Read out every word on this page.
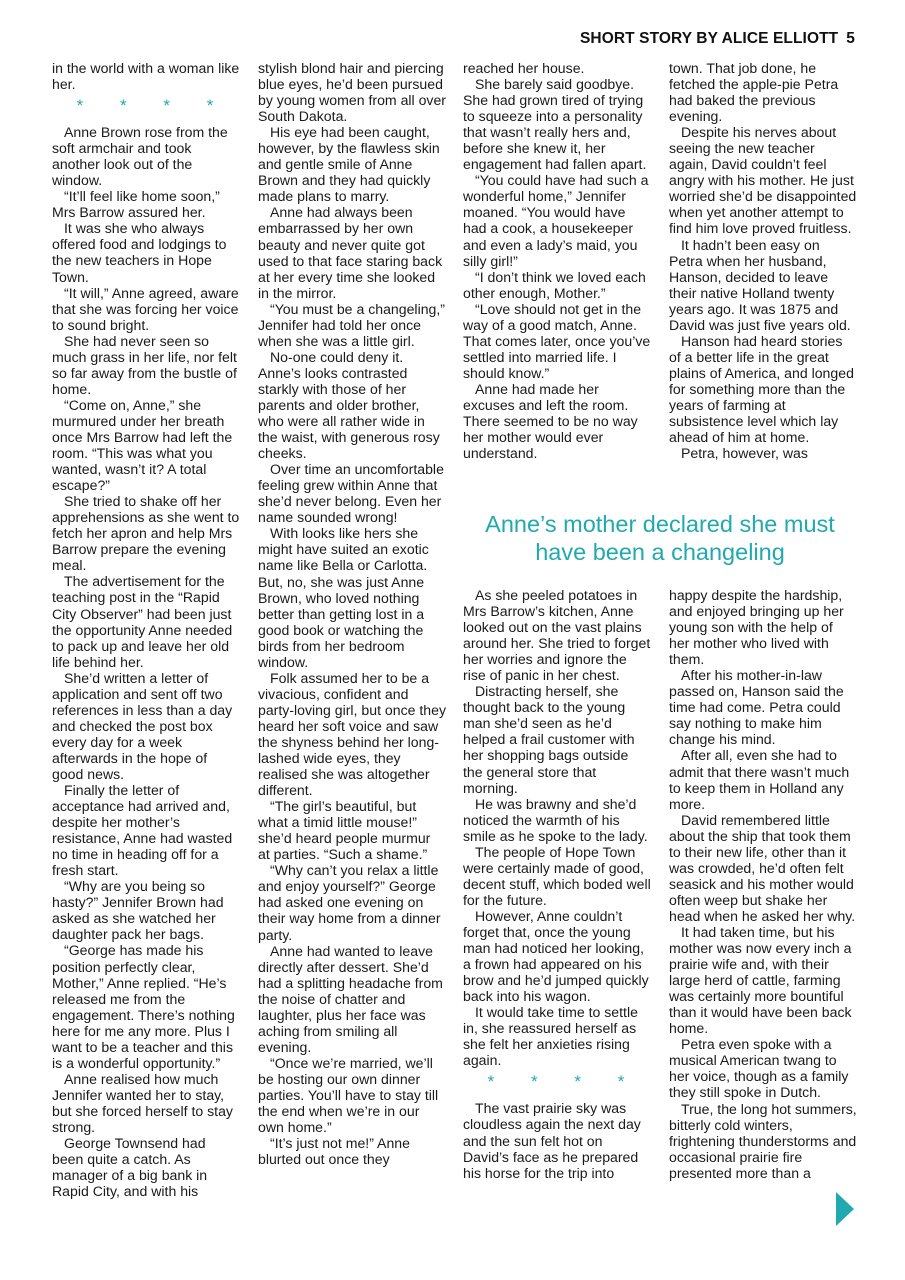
SHORT STORY BY ALICE ELLIOTT 5

in the world with a woman like her.

* * * *

Anne Brown rose from the soft armchair and took another look out of the window.

“It’ll feel like home soon,” Mrs Barrow assured her.

It was she who always offered food and lodgings to the new teachers in Hope Town.

“It will,” Anne agreed, aware that she was forcing her voice to sound bright.

She had never seen so much grass in her life, nor felt so far away from the bustle of home.

“Come on, Anne,” she murmured under her breath once Mrs Barrow had left the room. “This was what you wanted, wasn’t it? A total escape?”

She tried to shake off her apprehensions as she went to fetch her apron and help Mrs Barrow prepare the evening meal.

The advertisement for the teaching post in the “Rapid City Observer” had been just the opportunity Anne needed to pack up and leave her old life behind her.

She’d written a letter of application and sent off two references in less than a day and checked the post box every day for a week afterwards in the hope of good news.

Finally the letter of acceptance had arrived and, despite her mother’s resistance, Anne had wasted no time in heading off for a fresh start.

“Why are you being so hasty?” Jennifer Brown had asked as she watched her daughter pack her bags.

“George has made his position perfectly clear, Mother,” Anne replied. “He’s released me from the engagement. There’s nothing here for me any more. Plus I want to be a teacher and this is a wonderful opportunity.”

Anne realised how much Jennifer wanted her to stay, but she forced herself to stay strong.

George Townsend had been quite a catch. As manager of a big bank in Rapid City, and with his

stylish blond hair and piercing blue eyes, he’d been pursued by young women from all over South Dakota.

His eye had been caught, however, by the flawless skin and gentle smile of Anne Brown and they had quickly made plans to marry.

Anne had always been embarrassed by her own beauty and never quite got used to that face staring back at her every time she looked in the mirror.

“You must be a changeling,” Jennifer had told her once when she was a little girl.

No-one could deny it. Anne’s looks contrasted starkly with those of her parents and older brother, who were all rather wide in the waist, with generous rosy cheeks.

Over time an uncomfortable feeling grew within Anne that she’d never belong. Even her name sounded wrong!

With looks like hers she might have suited an exotic name like Bella or Carlotta. But, no, she was just Anne Brown, who loved nothing better than getting lost in a good book or watching the birds from her bedroom window.

Folk assumed her to be a vivacious, confident and party-loving girl, but once they heard her soft voice and saw the shyness behind her long-lashed wide eyes, they realised she was altogether different.

“The girl’s beautiful, but what a timid little mouse!” she’d heard people murmur at parties. “Such a shame.”

“Why can’t you relax a little and enjoy yourself?” George had asked one evening on their way home from a dinner party.

Anne had wanted to leave directly after dessert. She’d had a splitting headache from the noise of chatter and laughter, plus her face was aching from smiling all evening.

“Once we’re married, we’ll be hosting our own dinner parties. You’ll have to stay till the end when we’re in our own home.”

“It’s just not me!” Anne blurted out once they

reached her house.

She barely said goodbye. She had grown tired of trying to squeeze into a personality that wasn’t really hers and, before she knew it, her engagement had fallen apart.

“You could have had such a wonderful home,” Jennifer moaned. “You would have had a cook, a housekeeper and even a lady’s maid, you silly girl!”

“I don’t think we loved each other enough, Mother.”

“Love should not get in the way of a good match, Anne. That comes later, once you’ve settled into married life. I should know.”

Anne had made her excuses and left the room. There seemed to be no way her mother would ever understand.

town. That job done, he fetched the apple-pie Petra had baked the previous evening.

Despite his nerves about seeing the new teacher again, David couldn’t feel angry with his mother. He just worried she’d be disappointed when yet another attempt to find him love proved fruitless.

It hadn’t been easy on Petra when her husband, Hanson, decided to leave their native Holland twenty years ago. It was 1875 and David was just five years old.

Hanson had heard stories of a better life in the great plains of America, and longed for something more than the years of farming at subsistence level which lay ahead of him at home.

Petra, however, was

Anne’s mother declared she must have been a changeling

As she peeled potatoes in Mrs Barrow’s kitchen, Anne looked out on the vast plains around her. She tried to forget her worries and ignore the rise of panic in her chest.

Distracting herself, she thought back to the young man she’d seen as he’d helped a frail customer with her shopping bags outside the general store that morning.

He was brawny and she’d noticed the warmth of his smile as he spoke to the lady.

The people of Hope Town were certainly made of good, decent stuff, which boded well for the future.

However, Anne couldn’t forget that, once the young man had noticed her looking, a frown had appeared on his brow and he’d jumped quickly back into his wagon.

It would take time to settle in, she reassured herself as she felt her anxieties rising again.

* * * *

The vast prairie sky was cloudless again the next day and the sun felt hot on David’s face as he prepared his horse for the trip into

happy despite the hardship, and enjoyed bringing up her young son with the help of her mother who lived with them.

After his mother-in-law passed on, Hanson said the time had come. Petra could say nothing to make him change his mind.

After all, even she had to admit that there wasn’t much to keep them in Holland any more.

David remembered little about the ship that took them to their new life, other than it was crowded, he’d often felt seasick and his mother would often weep but shake her head when he asked her why.

It had taken time, but his mother was now every inch a prairie wife and, with their large herd of cattle, farming was certainly more bountiful than it would have been back home.

Petra even spoke with a musical American twang to her voice, though as a family they still spoke in Dutch.

True, the long hot summers, bitterly cold winters, frightening thunderstorms and occasional prairie fire presented more than a
